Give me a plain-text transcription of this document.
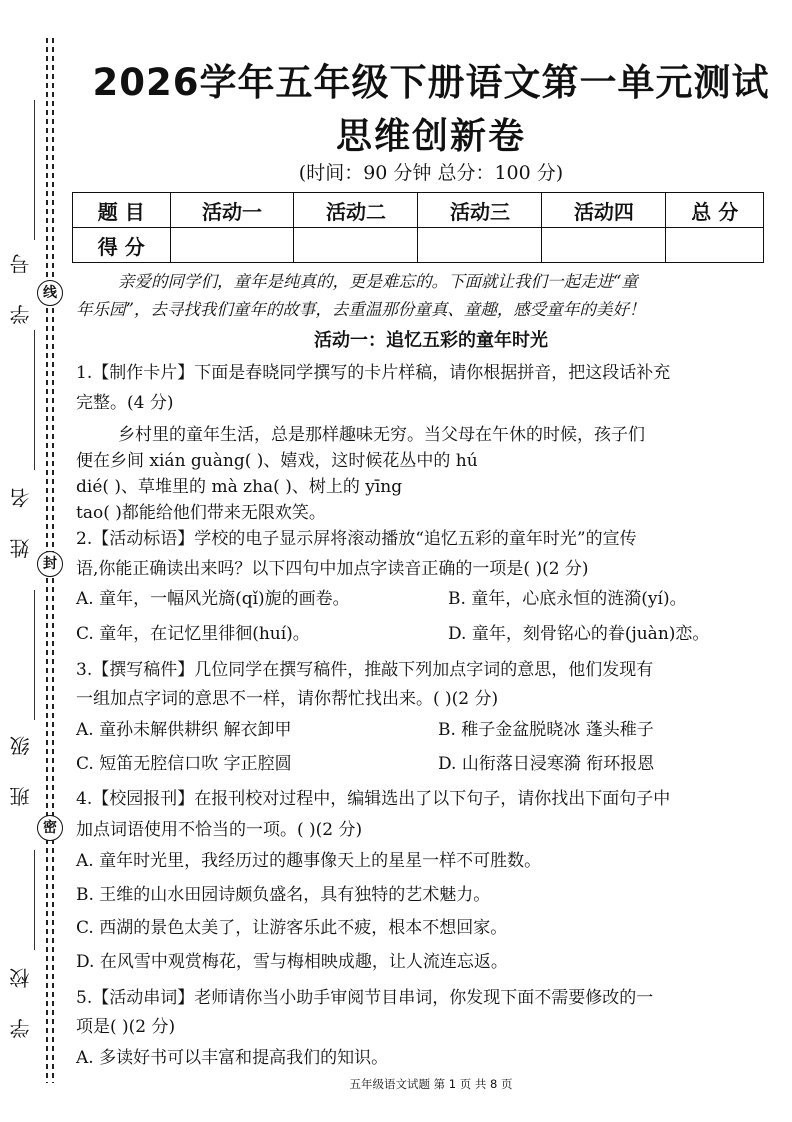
学 号 线
姓 名
封
班 级
密
学 校
2026学年五年级下册语文第一单元测试
思维创新卷
(时间：90 分钟 总分：100 分)
题 目	活动一	活动二	活动三	活动四	总 分
得 分					
亲爱的同学们，童年是纯真的，更是难忘的。下面就让我们一起走进“童
年乐园”，去寻找我们童年的故事，去重温那份童真、童趣，感受童年的美好！
活动一：追忆五彩的童年时光
1.【制作卡片】下面是春晓同学撰写的卡片样稿，请你根据拼音，把这段话补充
完整。(4 分)
乡村里的童年生活，总是那样趣味无穷。当父母在午休的时候，孩子们
便在乡间 xián guàng( )、嬉戏，这时候花丛中的 hú
dié( )、草堆里的 mà zha( )、树上的 yīng
tao( )都能给他们带来无限欢笑。
2.【活动标语】学校的电子显示屏将滚动播放“追忆五彩的童年时光”的宣传
语,你能正确读出来吗？以下四句中加点字读音正确的一项是( )(2 分)
A. 童年，一幅风光旖(qǐ)旎的画卷。	B. 童年，心底永恒的涟漪(yí)。
C. 童年，在记忆里徘徊(huí)。	D. 童年，刻骨铭心的眷(juàn)恋。
3.【撰写稿件】几位同学在撰写稿件，推敲下列加点字词的意思，他们发现有
一组加点字词的意思不一样，请你帮忙找出来。( )(2 分)
A. 童孙未解供耕织 解衣卸甲	B. 稚子金盆脱晓冰 蓬头稚子
C. 短笛无腔信口吹 字正腔圆	D. 山衔落日浸寒漪 衔环报恩
4.【校园报刊】在报刊校对过程中，编辑选出了以下句子，请你找出下面句子中
加点词语使用不恰当的一项。( )(2 分)
A. 童年时光里，我经历过的趣事像天上的星星一样不可胜数。
B. 王维的山水田园诗颇负盛名，具有独特的艺术魅力。
C. 西湖的景色太美了，让游客乐此不疲，根本不想回家。
D. 在风雪中观赏梅花，雪与梅相映成趣，让人流连忘返。
5.【活动串词】老师请你当小助手审阅节目串词，你发现下面不需要修改的一
项是( )(2 分)
A. 多读好书可以丰富和提高我们的知识。
五年级语文试题 第 1 页 共 8 页
